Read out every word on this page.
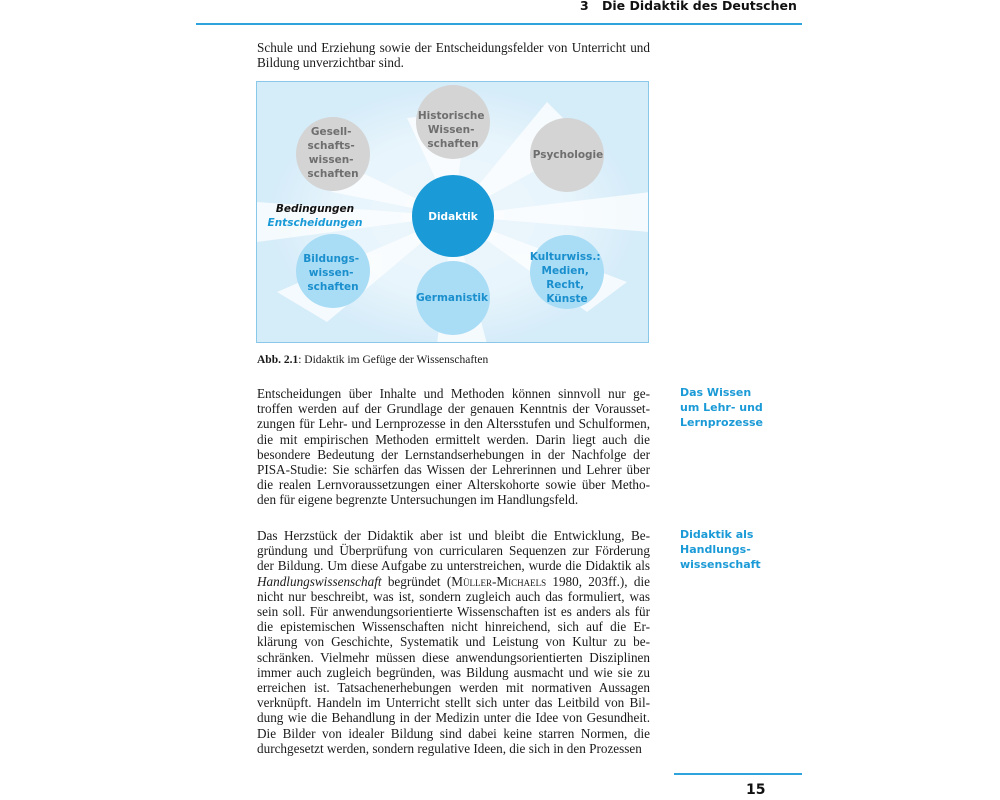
3 Die Didaktik des Deutschen
Schule und Erziehung sowie der Entscheidungsfelder von Unterricht und Bildung unverzichtbar sind.
Didaktik
Historische Wissen- schaften
Gesell- schafts- wissen- schaften
Psychologie
Bildungs- wissen- schaften
Germanistik
Kulturwiss.: Medien, Recht, Künste
Bedingungen
Entscheidungen
Abb. 2.1: Didaktik im Gefüge der Wissenschaften
Entscheidungen über Inhalte und Methoden können sinnvoll nur ge- troffen werden auf der Grundlage der genauen Kenntnis der Vorausset- zungen für Lehr- und Lernprozesse in den Altersstufen und Schulformen, die mit empirischen Methoden ermittelt werden. Darin liegt auch die besondere Bedeutung der Lernstandserhebungen in der Nachfolge der PISA-Studie: Sie schärfen das Wissen der Lehrerinnen und Lehrer über die realen Lernvoraussetzungen einer Alterskohorte sowie über Metho- den für eigene begrenzte Untersuchungen im Handlungsfeld.
Das Herzstück der Didaktik aber ist und bleibt die Entwicklung, Be- gründung und Überprüfung von curricularen Sequenzen zur Förderung der Bildung. Um diese Aufgabe zu unterstreichen, wurde die Didaktik als Handlungswissenschaft begründet (Müller-Michaels 1980, 203ff.), die nicht nur beschreibt, was ist, sondern zugleich auch das formuliert, was sein soll. Für anwendungsorientierte Wissenschaften ist es anders als für die epistemischen Wissenschaften nicht hinreichend, sich auf die Er- klärung von Geschichte, Systematik und Leistung von Kultur zu be- schränken. Vielmehr müssen diese anwendungsorientierten Disziplinen immer auch zugleich begründen, was Bildung ausmacht und wie sie zu erreichen ist. Tatsachenerhebungen werden mit normativen Aussagen verknüpft. Handeln im Unterricht stellt sich unter das Leitbild von Bil- dung wie die Behandlung in der Medizin unter die Idee von Gesundheit. Die Bilder von idealer Bildung sind dabei keine starren Normen, die durchgesetzt werden, sondern regulative Ideen, die sich in den Prozessen
Das Wissen
um Lehr- und
Lernprozesse
Didaktik als
Handlungs-
wissenschaft
15
